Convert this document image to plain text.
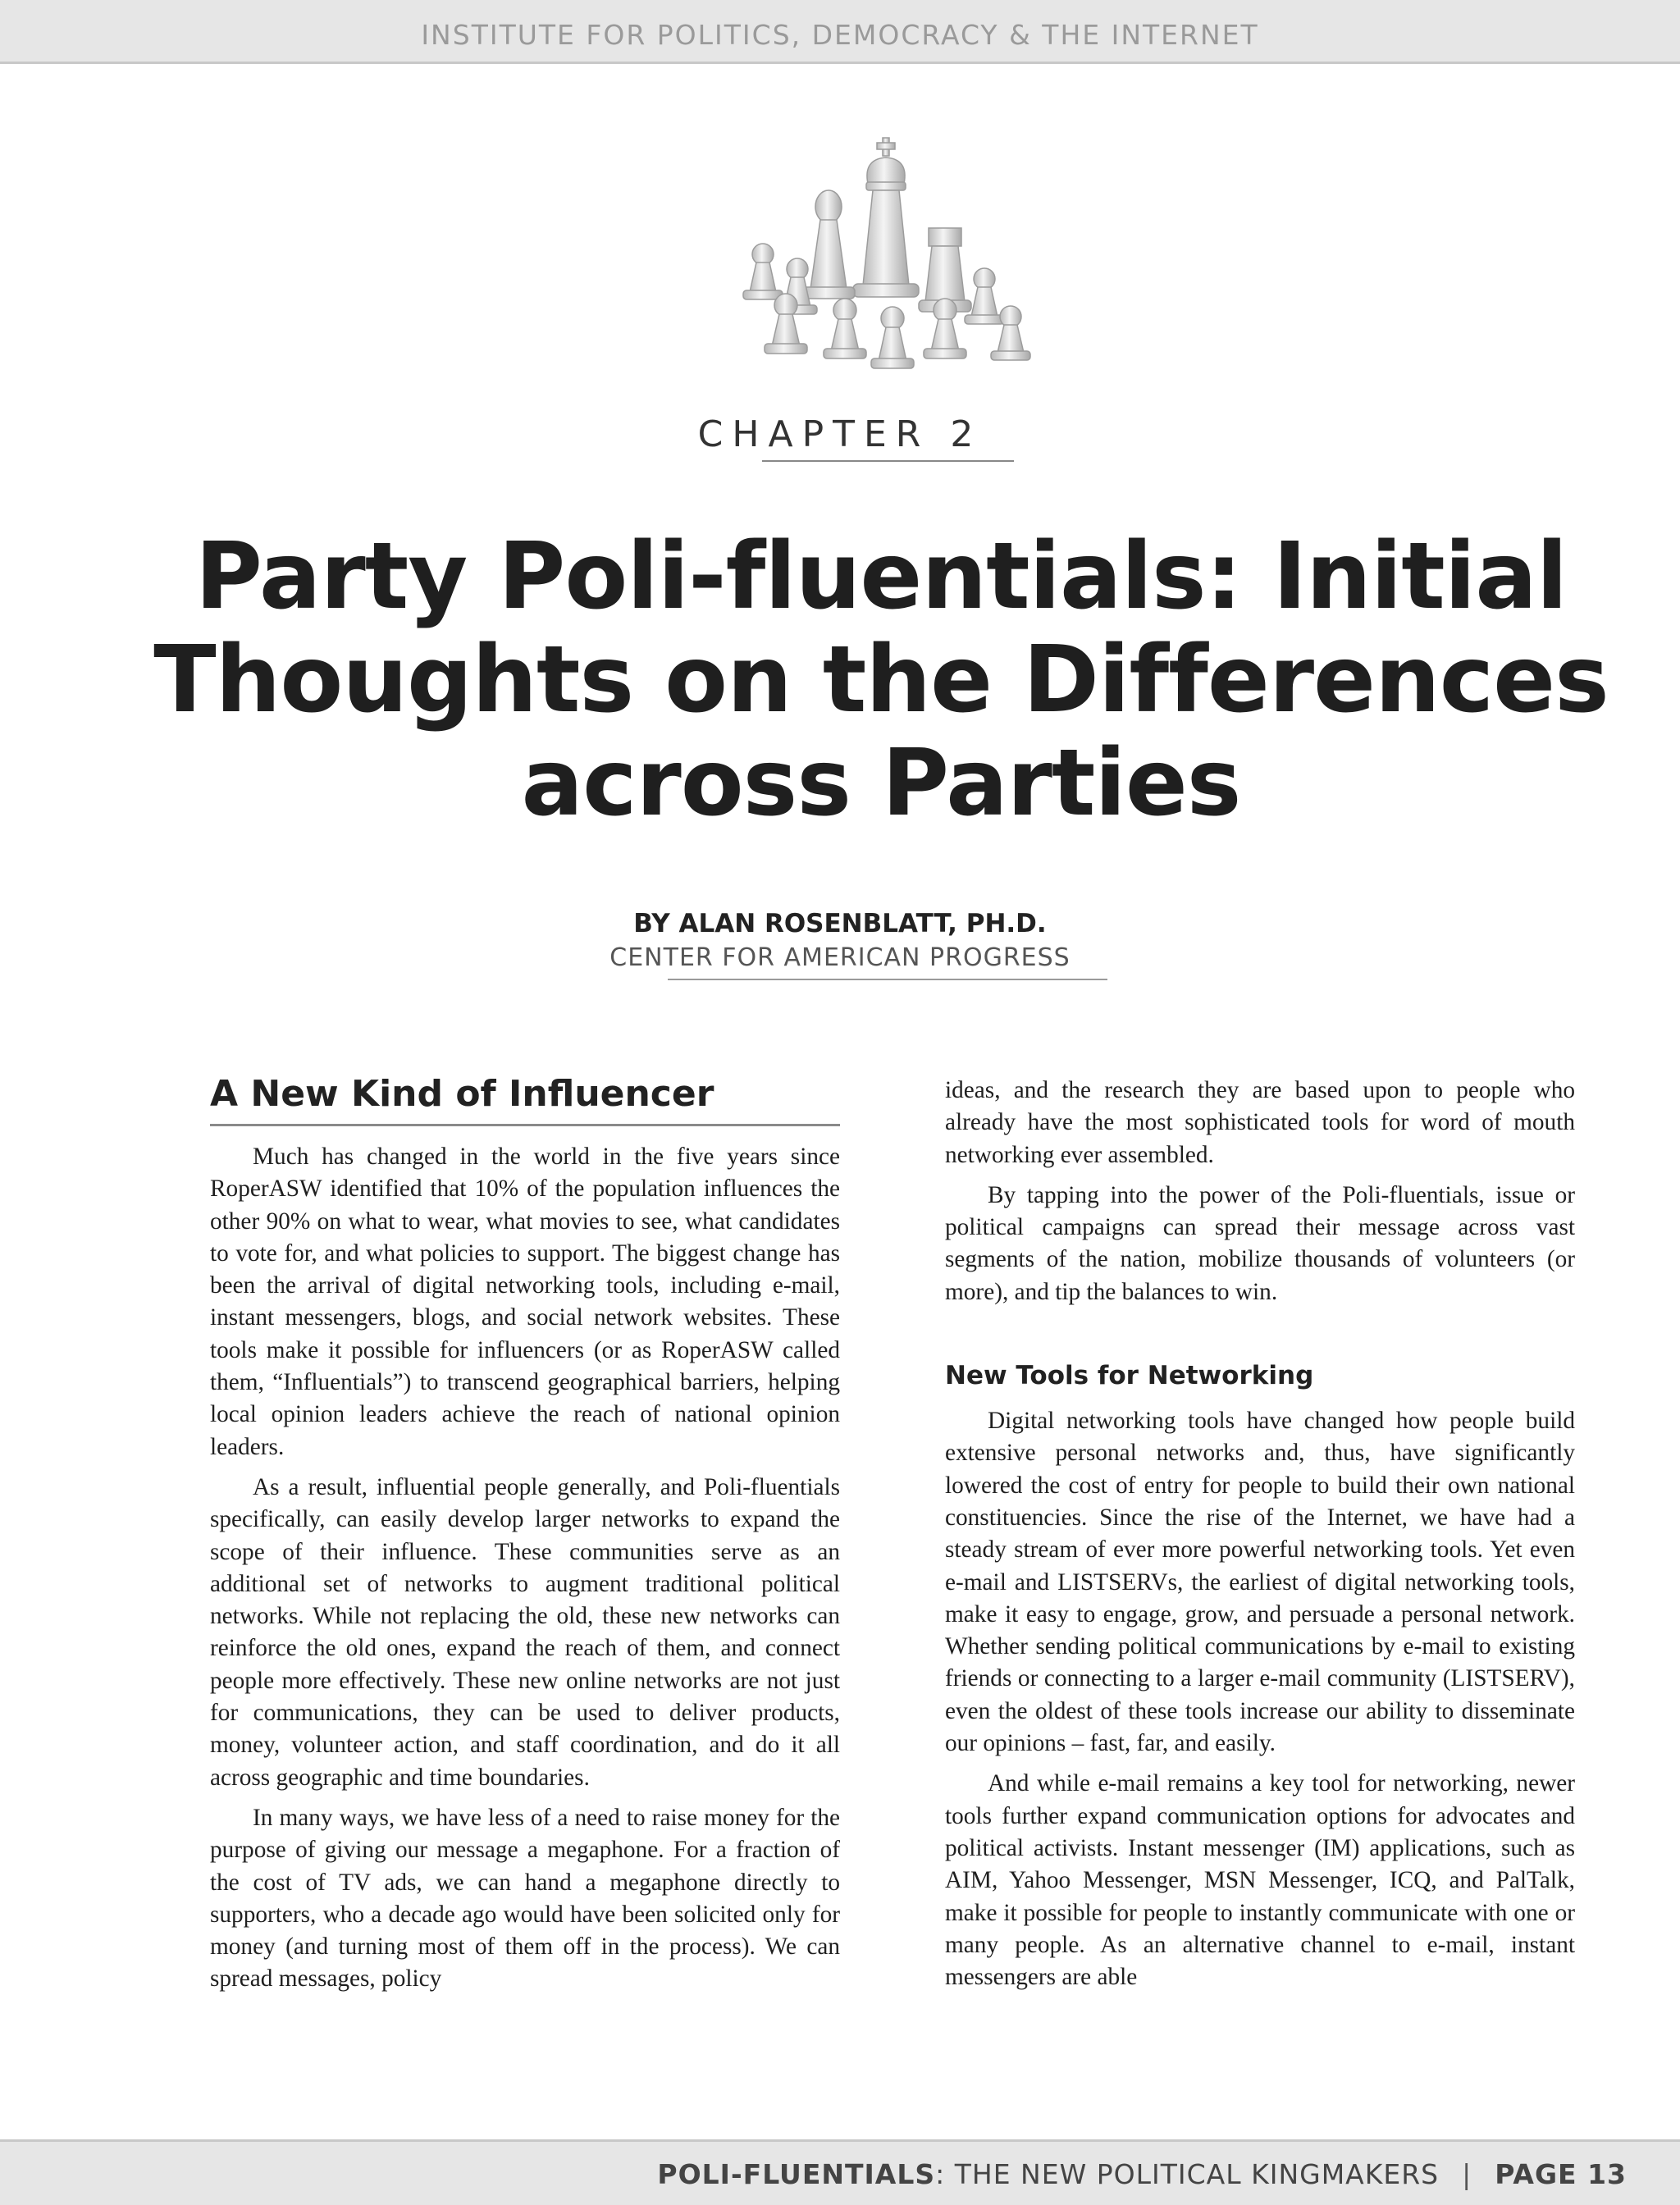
INSTITUTE FOR POLITICS, DEMOCRACY & THE INTERNET
CHAPTER 2
Party Poli-fluentials: Initial Thoughts on the Differences across Parties
BY ALAN ROSENBLATT, PH.D.
CENTER FOR AMERICAN PROGRESS
A New Kind of Influencer

Much has changed in the world in the five years since RoperASW identified that 10% of the population influences the other 90% on what to wear, what movies to see, what candidates to vote for, and what policies to support. The biggest change has been the arrival of digital networking tools, including e-mail, instant messengers, blogs, and social network websites. These tools make it possible for influencers (or as RoperASW called them, “Influentials”) to transcend geographical barriers, helping local opinion leaders achieve the reach of national opinion leaders.

As a result, influential people generally, and Poli-fluentials specifically, can easily develop larger networks to expand the scope of their influence. These communities serve as an additional set of networks to augment traditional political networks. While not replacing the old, these new networks can reinforce the old ones, expand the reach of them, and connect people more effectively. These new online networks are not just for communications, they can be used to deliver products, money, volunteer action, and staff coordination, and do it all across geographic and time boundaries.

In many ways, we have less of a need to raise money for the purpose of giving our message a megaphone. For a fraction of the cost of TV ads, we can hand a megaphone directly to supporters, who a decade ago would have been solicited only for money (and turning most of them off in the process). We can spread messages, policy

ideas, and the research they are based upon to people who already have the most sophisticated tools for word of mouth networking ever assembled.

By tapping into the power of the Poli-fluentials, issue or political campaigns can spread their message across vast segments of the nation, mobilize thousands of volunteers (or more), and tip the balances to win.

New Tools for Networking

Digital networking tools have changed how people build extensive personal networks and, thus, have significantly lowered the cost of entry for people to build their own national constituencies. Since the rise of the Internet, we have had a steady stream of ever more powerful networking tools. Yet even e-mail and LISTSERVs, the earliest of digital networking tools, make it easy to engage, grow, and persuade a personal network. Whether sending political communications by e-mail to existing friends or connecting to a larger e-mail community (LISTSERV), even the oldest of these tools increase our ability to disseminate our opinions – fast, far, and easily.

And while e-mail remains a key tool for networking, newer tools further expand communication options for advocates and political activists. Instant messenger (IM) applications, such as AIM, Yahoo Messenger, MSN Messenger, ICQ, and PalTalk, make it possible for people to instantly communicate with one or many people. As an alternative channel to e-mail, instant messengers are able

POLI-FLUENTIALS: THE NEW POLITICAL KINGMAKERS | PAGE 13
